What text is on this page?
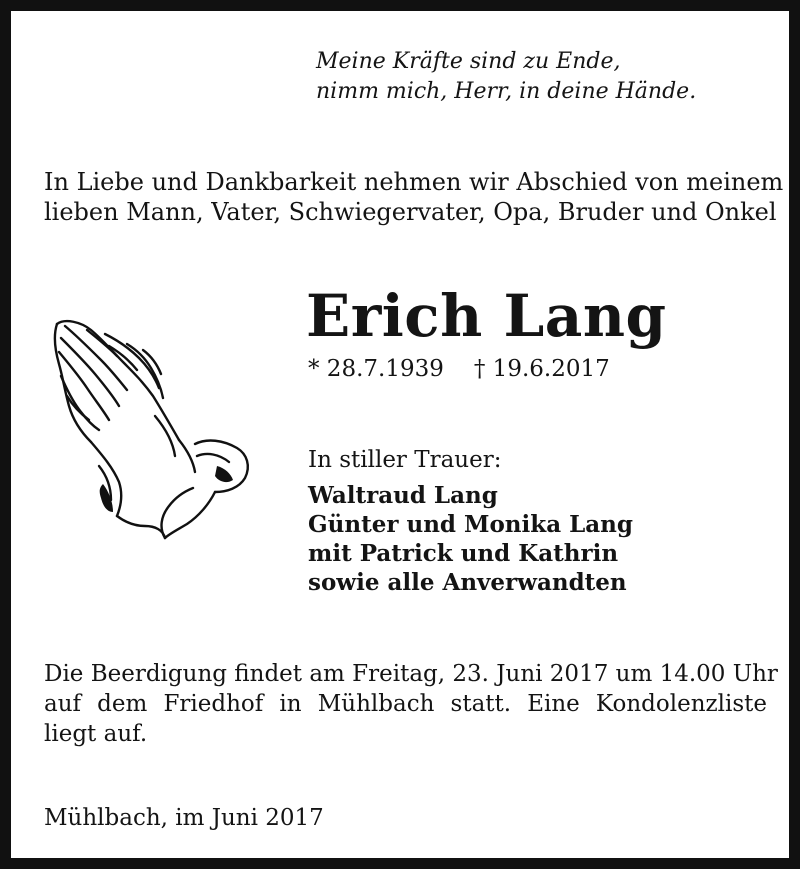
Meine Kräfte sind zu Ende,
nimm mich, Herr, in deine Hände.
In Liebe und Dankbarkeit nehmen wir Abschied von meinem
lieben Mann, Vater, Schwiegervater, Opa, Bruder und Onkel
Erich Lang
* 28.7.1939 † 19.6.2017
In stiller Trauer:
Waltraud Lang
Günter und Monika Lang
mit Patrick und Kathrin
sowie alle Anverwandten
Die Beerdigung findet am Freitag, 23. Juni 2017 um 14.00 Uhr
auf dem Friedhof in Mühlbach statt. Eine Kondolenzliste
liegt auf.
Mühlbach, im Juni 2017
